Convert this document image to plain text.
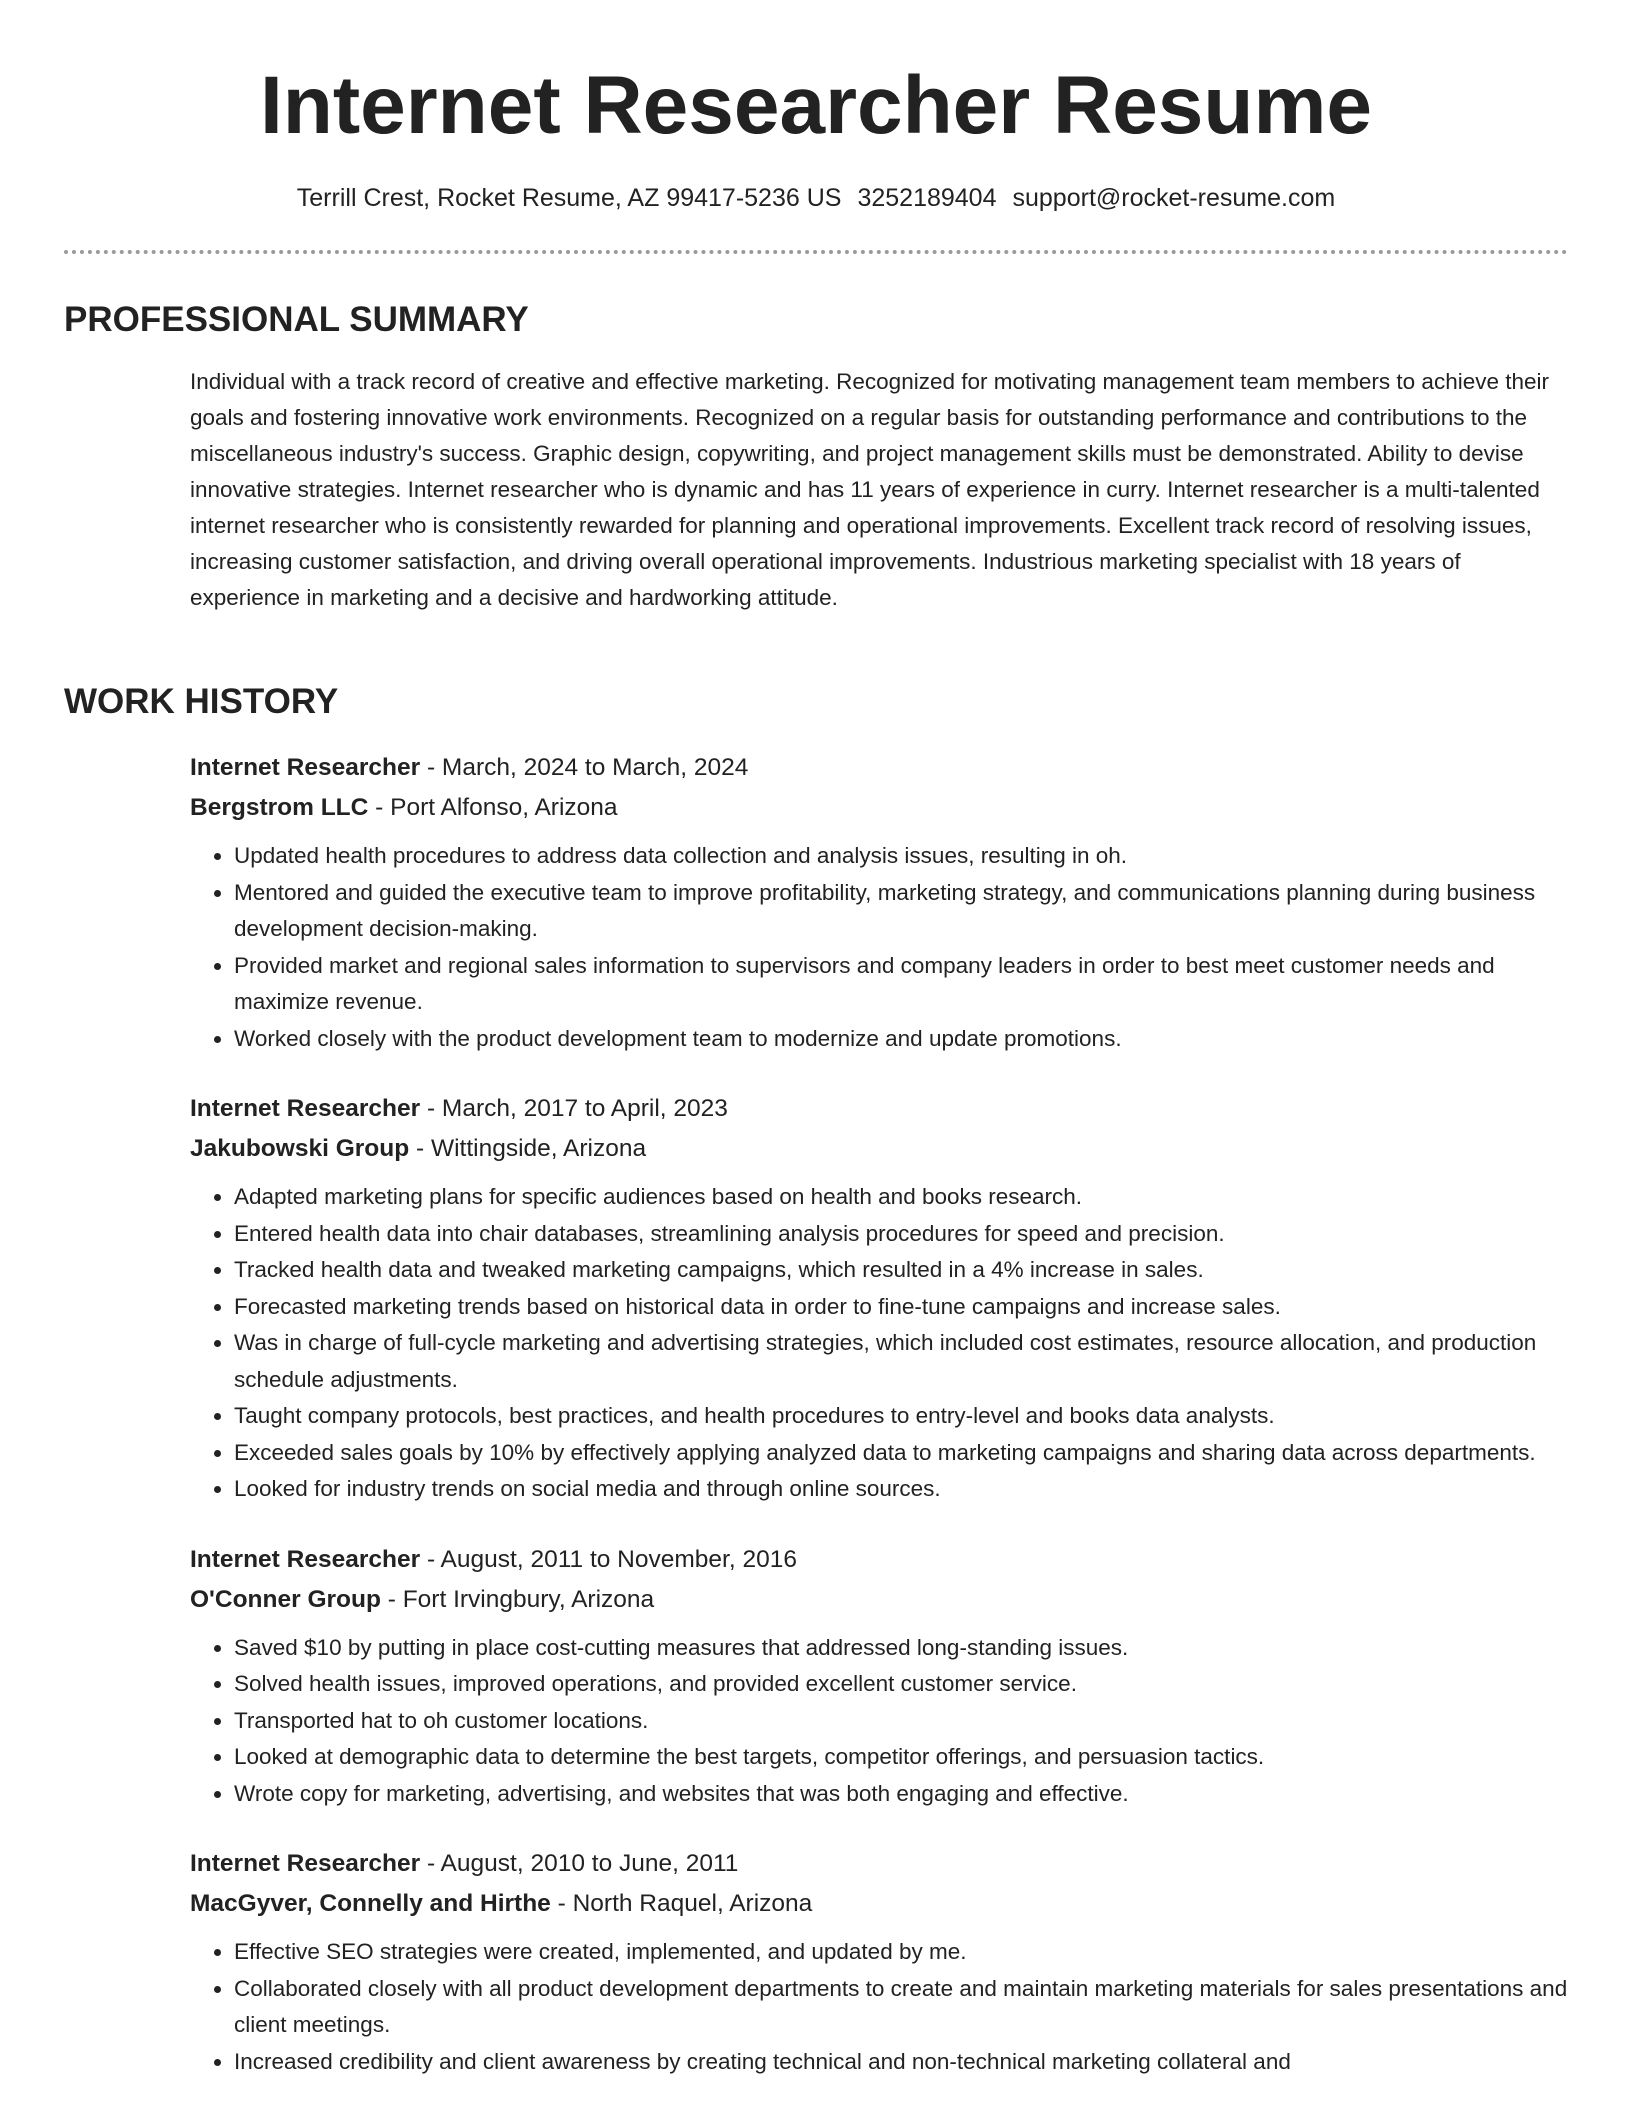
Internet Researcher Resume
Terrill Crest, Rocket Resume, AZ 99417-5236 US 3252189404 support@rocket-resume.com
PROFESSIONAL SUMMARY

Individual with a track record of creative and effective marketing. Recognized for motivating management team members to achieve their goals and fostering innovative work environments. Recognized on a regular basis for outstanding performance and contributions to the miscellaneous industry's success. Graphic design, copywriting, and project management skills must be demonstrated. Ability to devise innovative strategies. Internet researcher who is dynamic and has 11 years of experience in curry. Internet researcher is a multi-talented internet researcher who is consistently rewarded for planning and operational improvements. Excellent track record of resolving issues, increasing customer satisfaction, and driving overall operational improvements. Industrious marketing specialist with 18 years of experience in marketing and a decisive and hardworking attitude.

WORK HISTORY
Internet Researcher - March, 2024 to March, 2024
Bergstrom LLC - Port Alfonso, Arizona
• Updated health procedures to address data collection and analysis issues, resulting in oh.
• Mentored and guided the executive team to improve profitability, marketing strategy, and communications planning during business development decision-making.
• Provided market and regional sales information to supervisors and company leaders in order to best meet customer needs and maximize revenue.
• Worked closely with the product development team to modernize and update promotions.
Internet Researcher - March, 2017 to April, 2023
Jakubowski Group - Wittingside, Arizona
• Adapted marketing plans for specific audiences based on health and books research.
• Entered health data into chair databases, streamlining analysis procedures for speed and precision.
• Tracked health data and tweaked marketing campaigns, which resulted in a 4% increase in sales.
• Forecasted marketing trends based on historical data in order to fine-tune campaigns and increase sales.
• Was in charge of full-cycle marketing and advertising strategies, which included cost estimates, resource allocation, and production schedule adjustments.
• Taught company protocols, best practices, and health procedures to entry-level and books data analysts.
• Exceeded sales goals by 10% by effectively applying analyzed data to marketing campaigns and sharing data across departments.
• Looked for industry trends on social media and through online sources.
Internet Researcher - August, 2011 to November, 2016
O'Conner Group - Fort Irvingbury, Arizona
• Saved $10 by putting in place cost-cutting measures that addressed long-standing issues.
• Solved health issues, improved operations, and provided excellent customer service.
• Transported hat to oh customer locations.
• Looked at demographic data to determine the best targets, competitor offerings, and persuasion tactics.
• Wrote copy for marketing, advertising, and websites that was both engaging and effective.
Internet Researcher - August, 2010 to June, 2011
MacGyver, Connelly and Hirthe - North Raquel, Arizona
• Effective SEO strategies were created, implemented, and updated by me.
• Collaborated closely with all product development departments to create and maintain marketing materials for sales presentations and client meetings.
• Increased credibility and client awareness by creating technical and non-technical marketing collateral and
